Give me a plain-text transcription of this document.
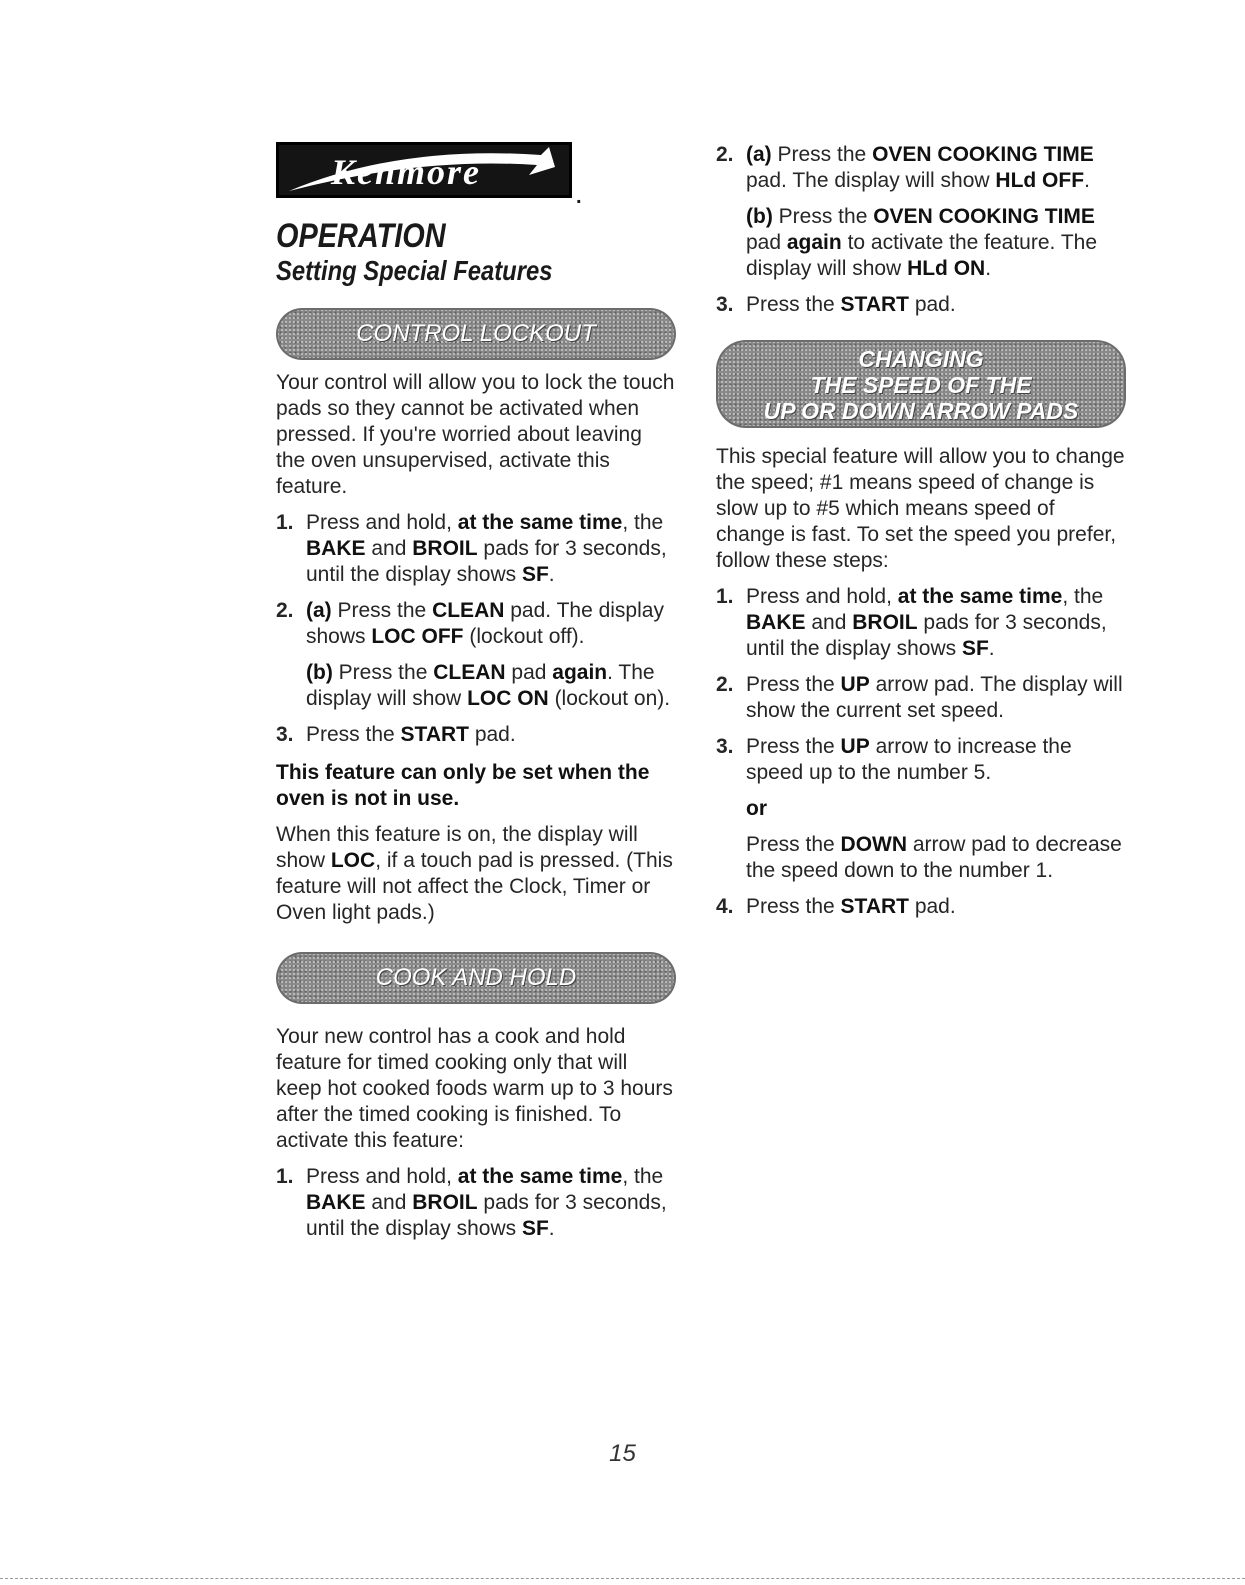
Kenmore
.
OPERATION
Setting Special Features
CONTROL LOCKOUT

Your control will allow you to lock the touch pads so they cannot be activated when pressed. If you're worried about leaving the oven unsupervised, activate this feature.

1. Press and hold, at the same time, the BAKE and BROIL pads for 3 seconds, until the display shows SF.
2. (a) Press the CLEAN pad. The display shows LOC OFF (lockout off).
(b) Press the CLEAN pad again. The display will show LOC ON (lockout on).
3. Press the START pad.
This feature can only be set when the oven is not in use.

When this feature is on, the display will show LOC, if a touch pad is pressed. (This feature will not affect the Clock, Timer or Oven light pads.)

COOK AND HOLD

Your new control has a cook and hold feature for timed cooking only that will keep hot cooked foods warm up to 3 hours after the timed cooking is finished. To activate this feature:

1. Press and hold, at the same time, the BAKE and BROIL pads for 3 seconds, until the display shows SF.
2. (a) Press the OVEN COOKING TIME pad. The display will show HLd OFF.
(b) Press the OVEN COOKING TIME pad again to activate the feature. The display will show HLd ON.
3. Press the START pad.
CHANGING
THE SPEED OF THE
UP OR DOWN ARROW PADS

This special feature will allow you to change the speed; #1 means speed of change is slow up to #5 which means speed of change is fast. To set the speed you prefer, follow these steps:

1. Press and hold, at the same time, the BAKE and BROIL pads for 3 seconds, until the display shows SF.
2. Press the UP arrow pad. The display will show the current set speed.
3. Press the UP arrow to increase the speed up to the number 5.
or
Press the DOWN arrow pad to decrease the speed down to the number 1.
4. Press the START pad.
15
